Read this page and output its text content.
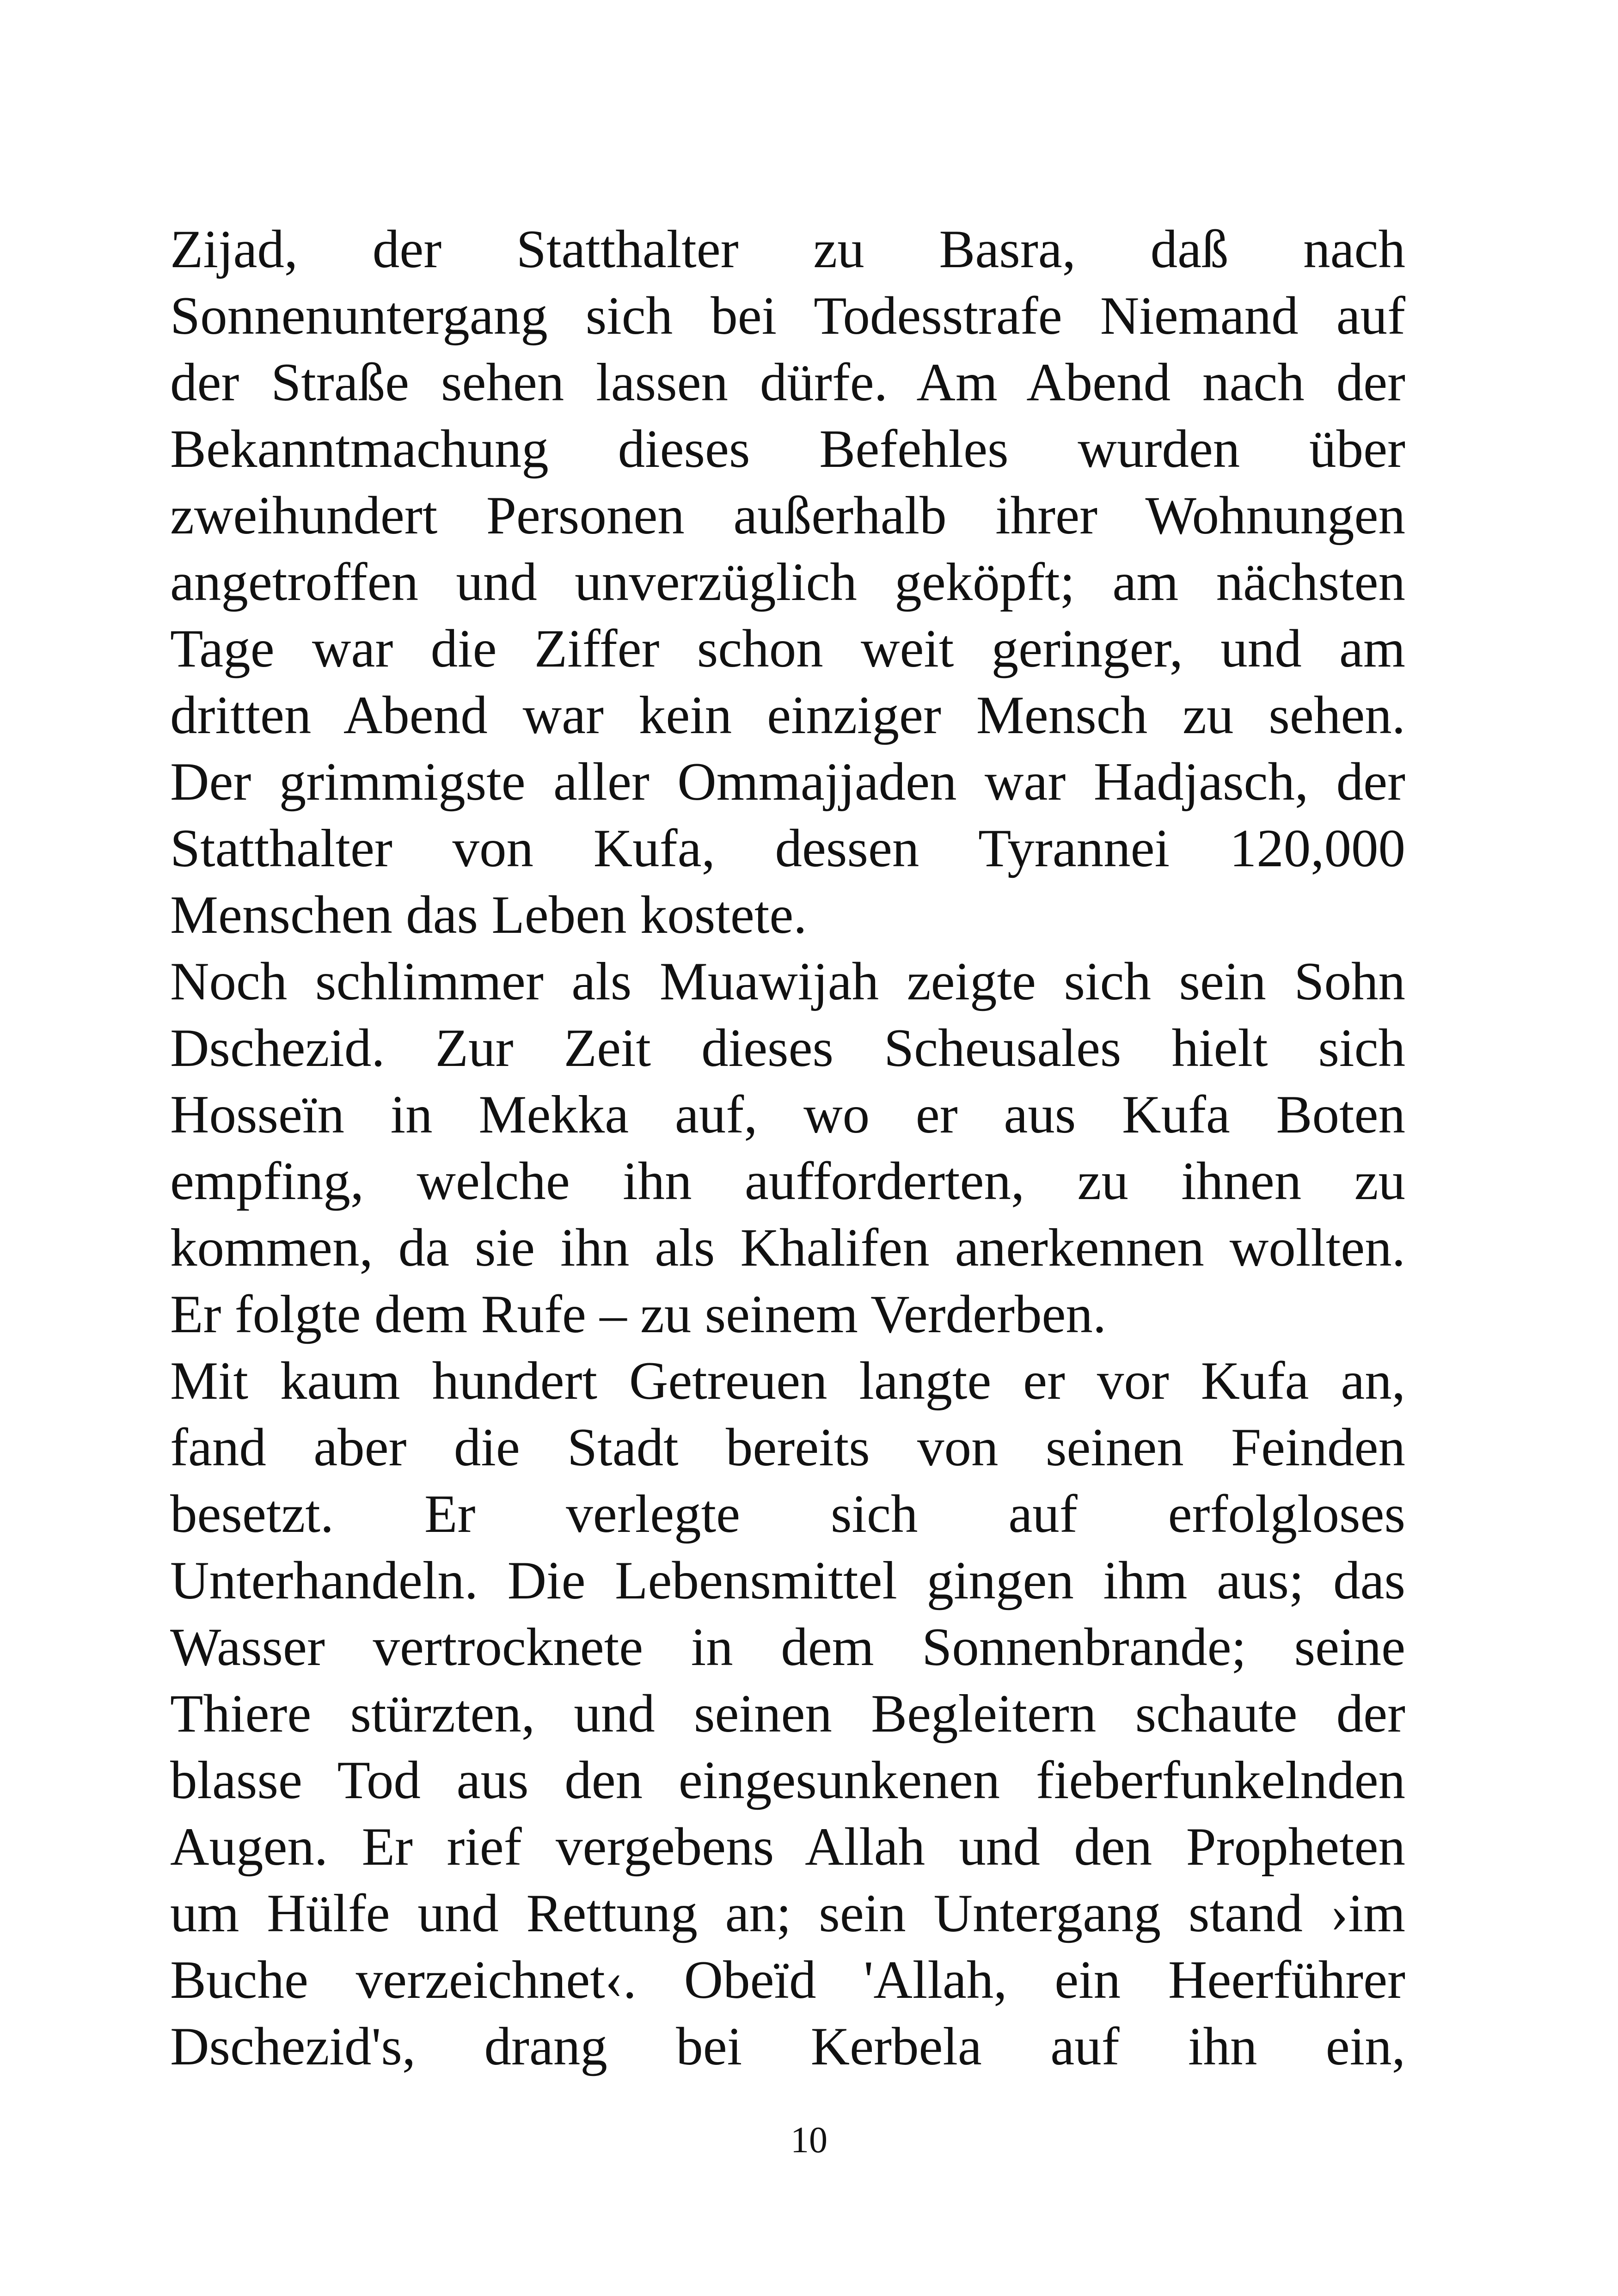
Zijad, der Statthalter zu Basra, daß nach
Sonnenuntergang sich bei Todesstrafe Niemand auf
der Straße sehen lassen dürfe. Am Abend nach der
Bekanntmachung dieses Befehles wurden über
zweihundert Personen außerhalb ihrer Wohnungen
angetroffen und unverzüglich geköpft; am nächsten
Tage war die Ziffer schon weit geringer, und am
dritten Abend war kein einziger Mensch zu sehen.
Der grimmigste aller Ommajjaden war Hadjasch, der
Statthalter von Kufa, dessen Tyrannei 120,000
Menschen das Leben kostete.
Noch schlimmer als Muawijah zeigte sich sein Sohn
Dschezid. Zur Zeit dieses Scheusales hielt sich
Hosseïn in Mekka auf, wo er aus Kufa Boten
empfing, welche ihn aufforderten, zu ihnen zu
kommen, da sie ihn als Khalifen anerkennen wollten.
Er folgte dem Rufe – zu seinem Verderben.
Mit kaum hundert Getreuen langte er vor Kufa an,
fand aber die Stadt bereits von seinen Feinden
besetzt. Er verlegte sich auf erfolgloses
Unterhandeln. Die Lebensmittel gingen ihm aus; das
Wasser vertrocknete in dem Sonnenbrande; seine
Thiere stürzten, und seinen Begleitern schaute der
blasse Tod aus den eingesunkenen fieberfunkelnden
Augen. Er rief vergebens Allah und den Propheten
um Hülfe und Rettung an; sein Untergang stand ›im
Buche verzeichnet‹. Obeïd 'Allah, ein Heerführer
Dschezid's, drang bei Kerbela auf ihn ein,
10
